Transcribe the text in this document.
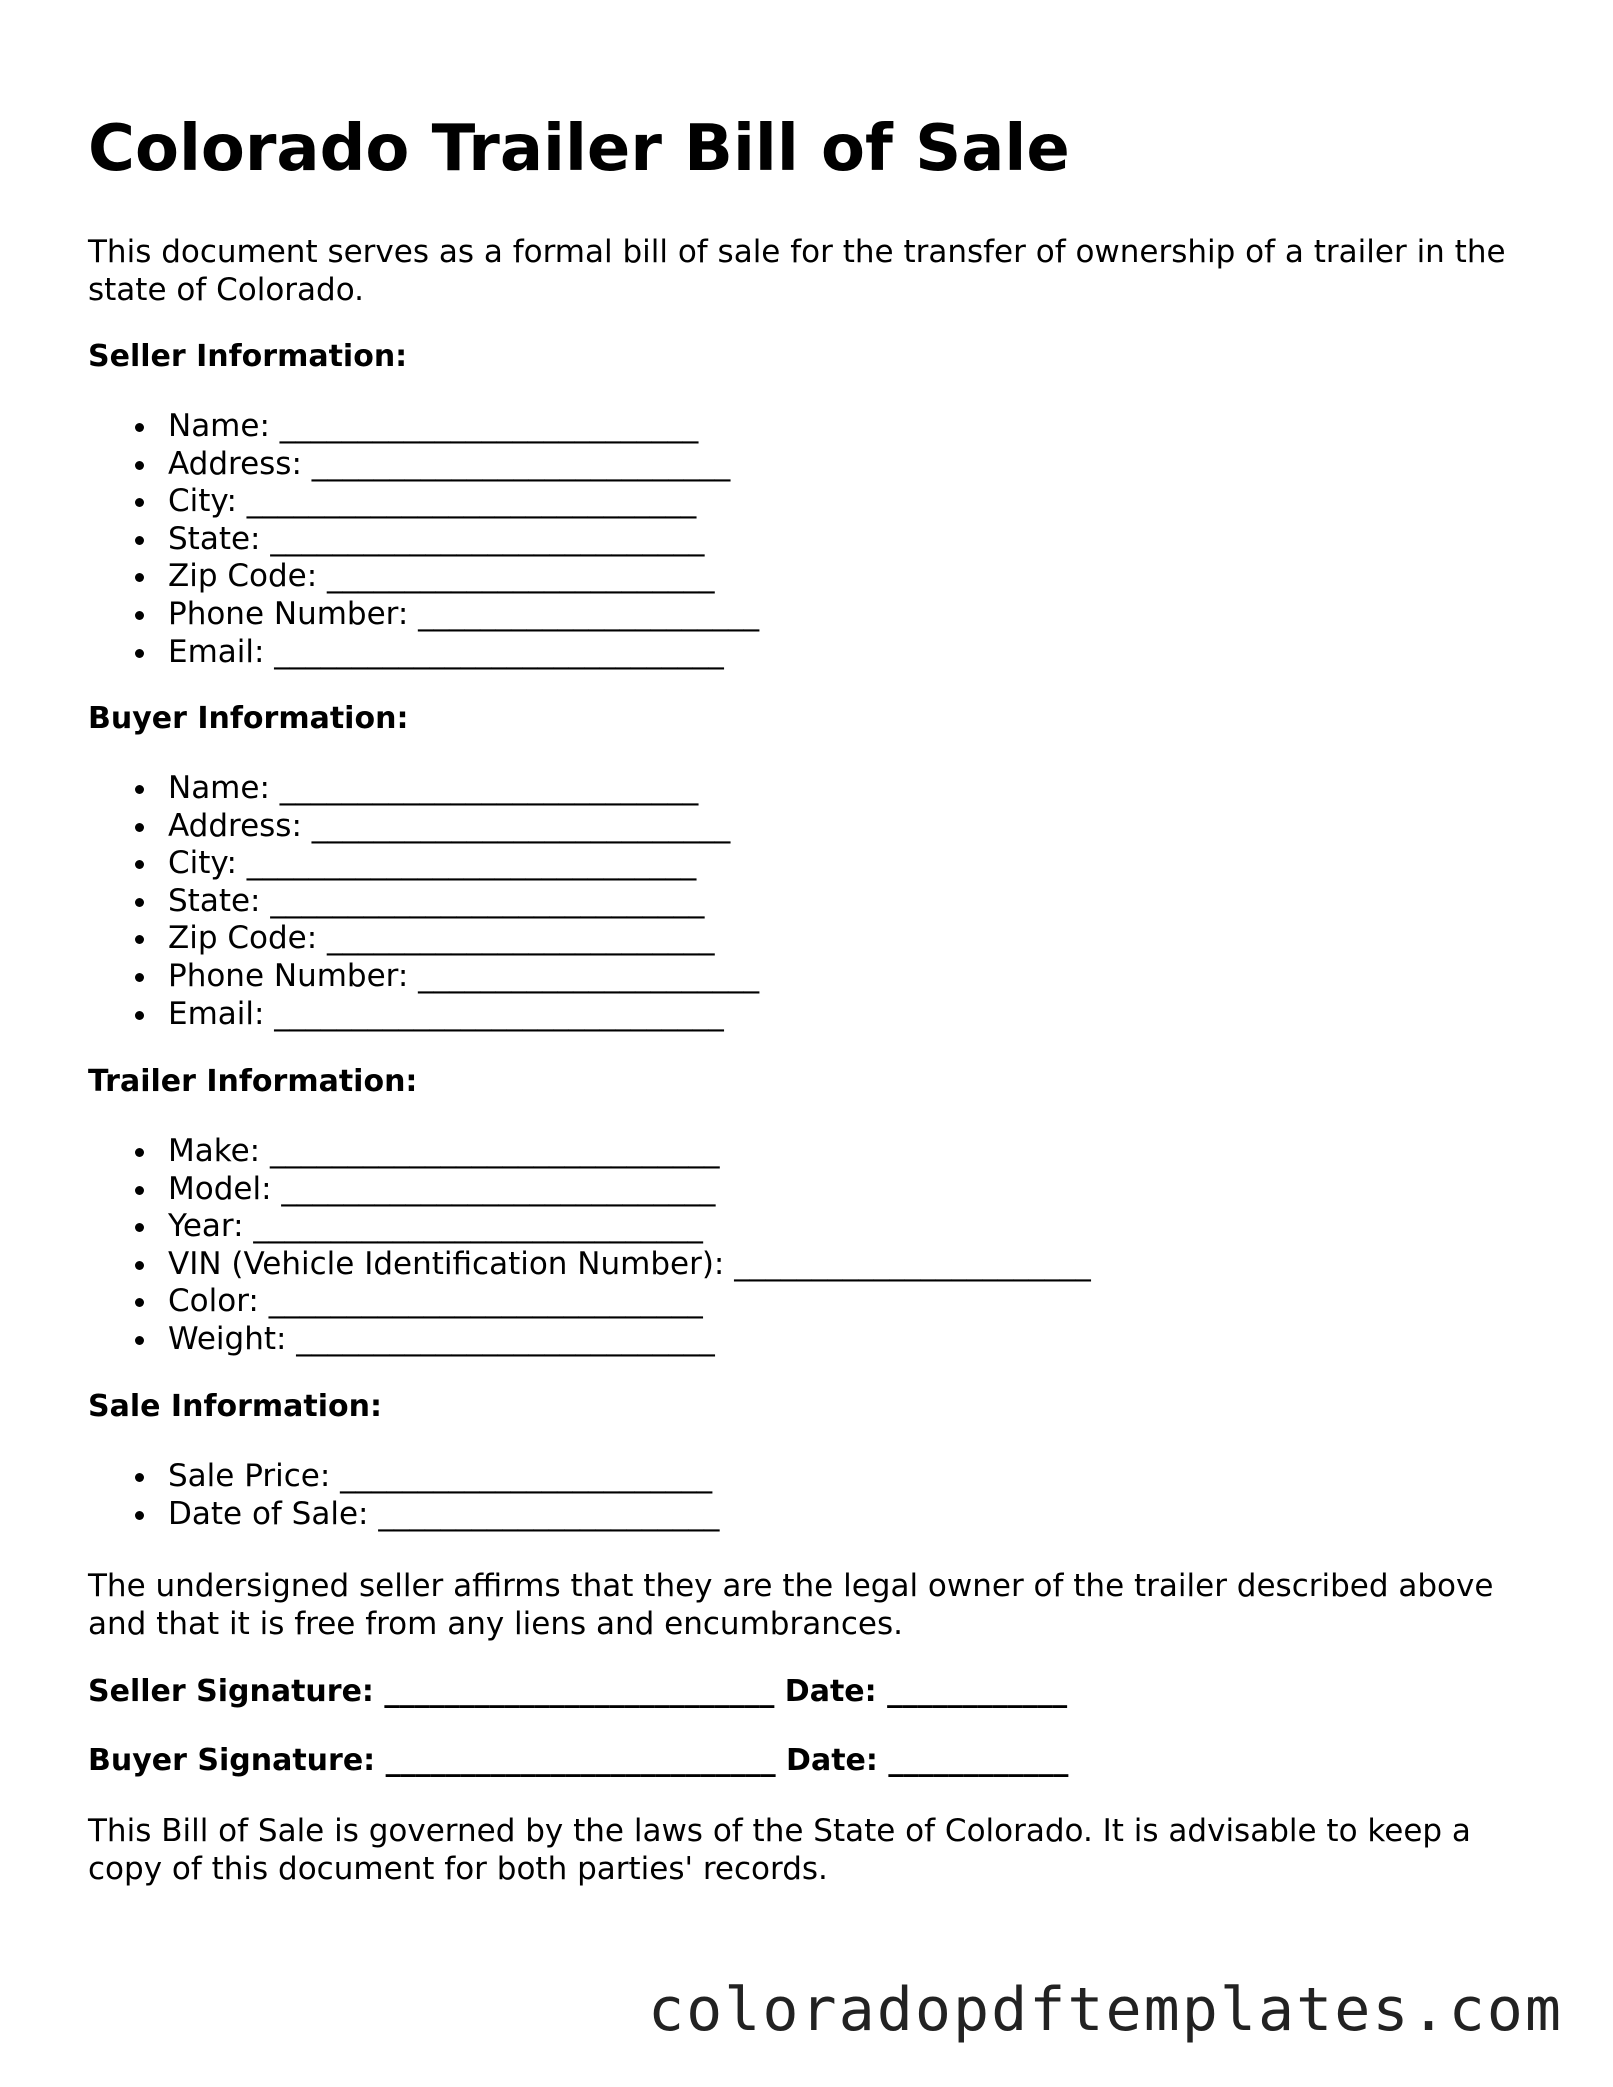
Colorado Trailer Bill of Sale

This document serves as a formal bill of sale for the transfer of ownership of a trailer in the state of Colorado.

Seller Information:
Name: ___________________________
Address: ___________________________
City: _____________________________
State: ____________________________
Zip Code: _________________________
Phone Number: ______________________
Email: _____________________________
Buyer Information:
Name: ___________________________
Address: ___________________________
City: _____________________________
State: ____________________________
Zip Code: _________________________
Phone Number: ______________________
Email: _____________________________
Trailer Information:
Make: _____________________________
Model: ____________________________
Year: _____________________________
VIN (Vehicle Identification Number): _______________________
Color: ____________________________
Weight: ___________________________
Sale Information:
Sale Price: ________________________
Date of Sale: ______________________

The undersigned seller affirms that they are the legal owner of the trailer described above and that it is free from any liens and encumbrances.

Seller Signature: __________________________ Date: ____________
Buyer Signature: __________________________ Date: ____________

This Bill of Sale is governed by the laws of the State of Colorado. It is advisable to keep a copy of this document for both parties' records.

coloradopdftemplates.com
